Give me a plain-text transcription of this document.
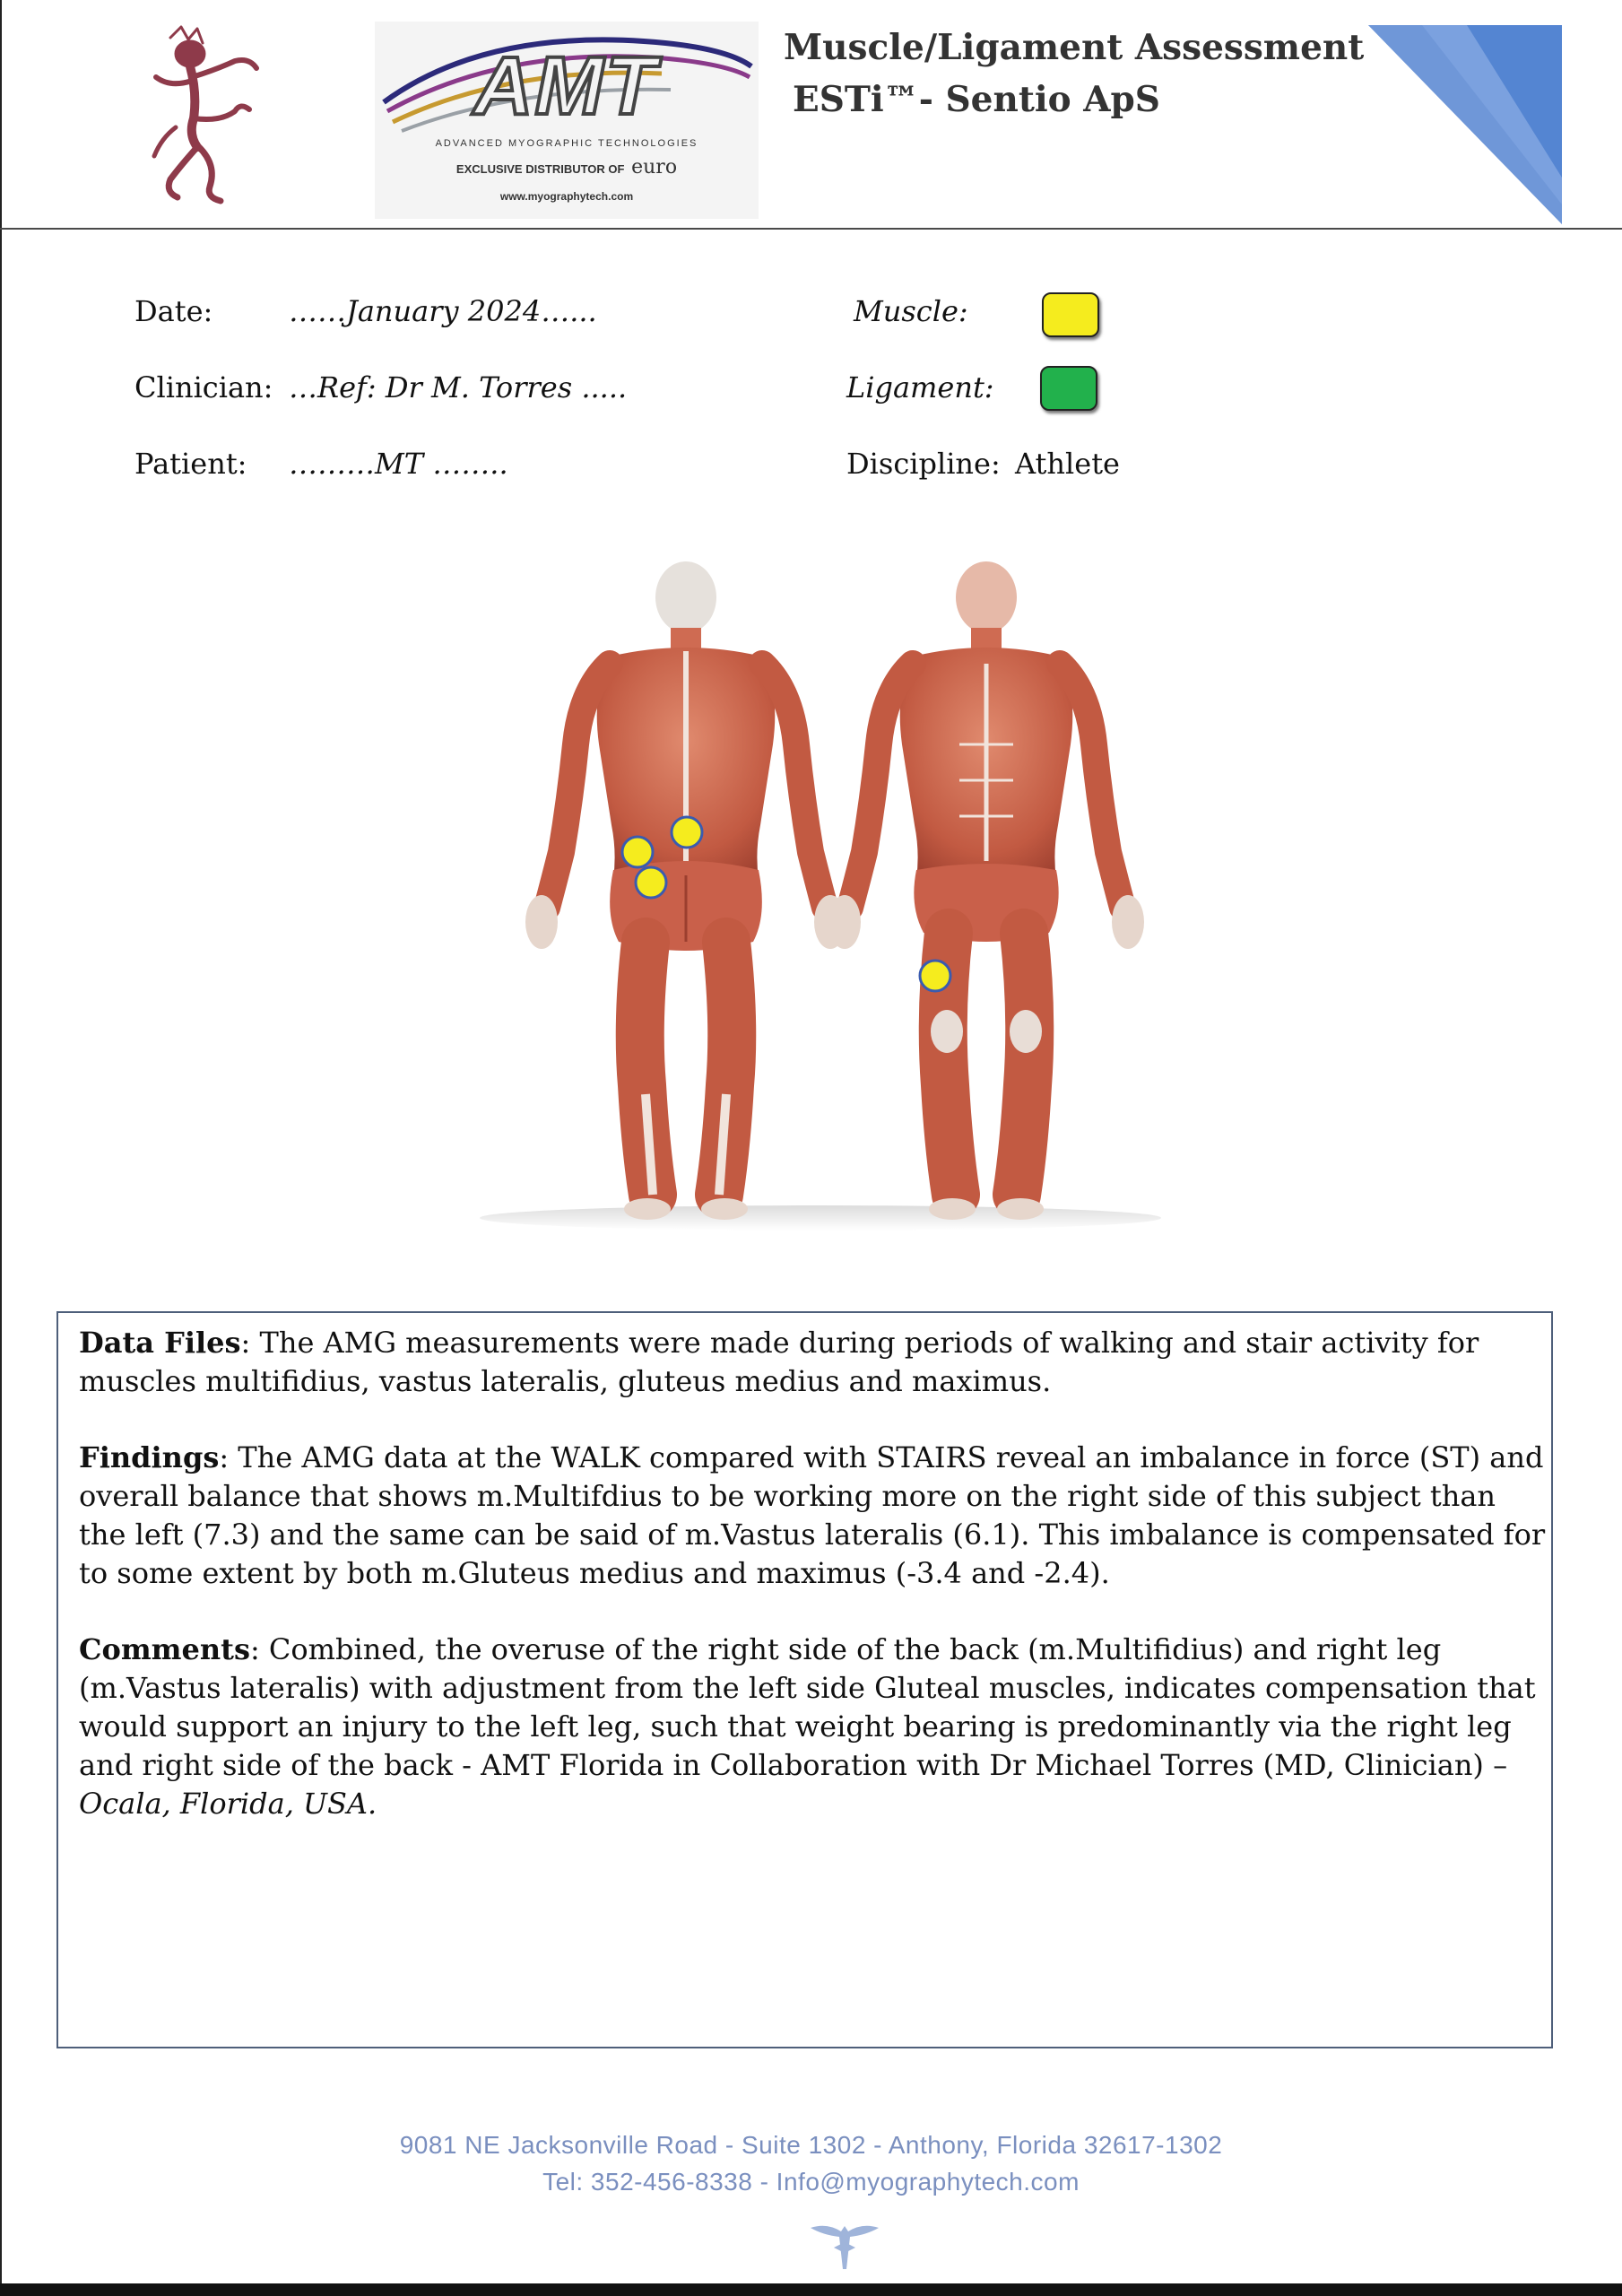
AMT
ADVANCED MYOGRAPHIC TECHNOLOGIES
EXCLUSIVE DISTRIBUTOR OF euro
www.myographytech.com
Muscle/Ligament Assessment
ESTi™- Sentio ApS
Date:	……January 2024…...
Clinician: …Ref: Dr M. Torres .....
Patient: ………MT ……..
Muscle:
Ligament:
Discipline: Athlete
Data Files: The AMG measurements were made during periods of walking and stair activity for muscles multifidius, vastus lateralis, gluteus medius and maximus.
Findings: The AMG data at the WALK compared with STAIRS reveal an imbalance in force (ST) and overall balance that shows m.Multifdius to be working more on the right side of this subject than the left (7.3) and the same can be said of m.Vastus lateralis (6.1). This imbalance is compensated for to some extent by both m.Gluteus medius and maximus (-3.4 and -2.4).
Comments: Combined, the overuse of the right side of the back (m.Multifidius) and right leg (m.Vastus lateralis) with adjustment from the left side Gluteal muscles, indicates compensation that would support an injury to the left leg, such that weight bearing is predominantly via the right leg and right side of the back - AMT Florida in Collaboration with Dr Michael Torres (MD, Clinician) – Ocala, Florida, USA.
9081 NE Jacksonville Road - Suite 1302 - Anthony, Florida 32617-1302
Tel: 352-456-8338 - Info@myographytech.com
